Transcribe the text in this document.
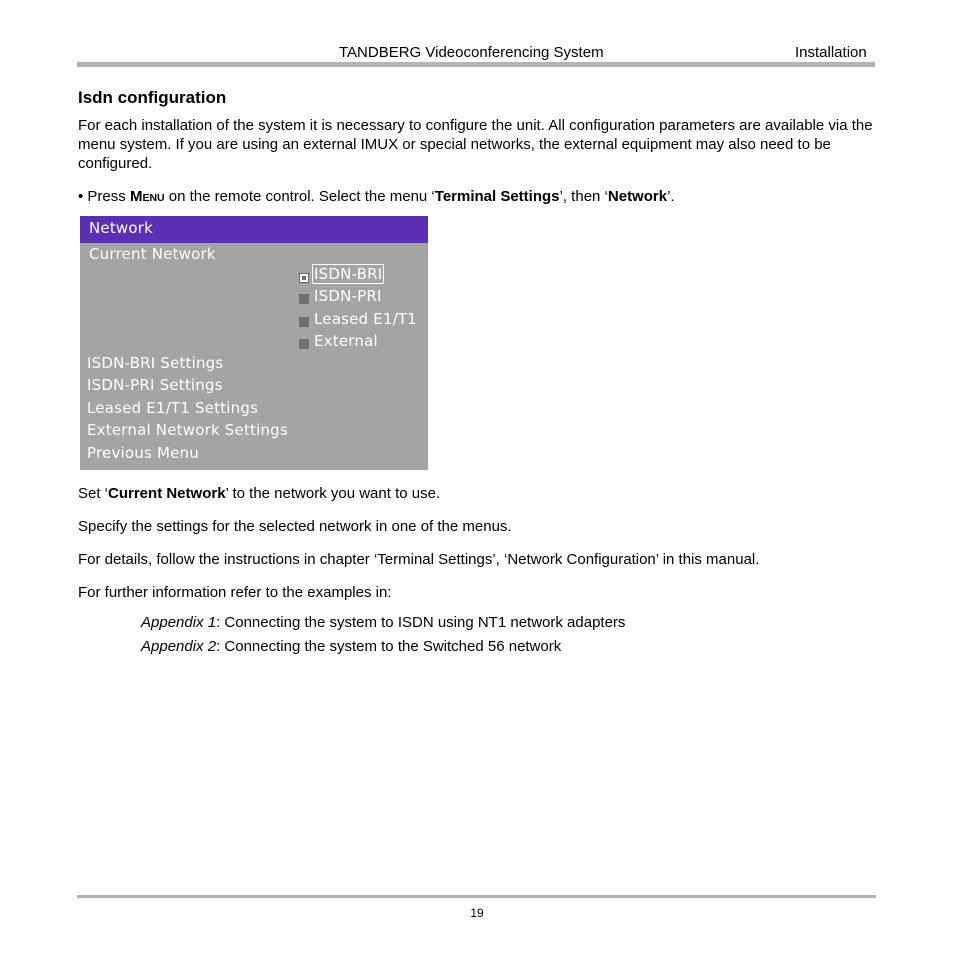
TANDBERG Videoconferencing System	Installation
Isdn configuration
For each installation of the system it is necessary to configure the unit. All configuration parameters are available via the menu system. If you are using an external IMUX or special networks, the external equipment may also need to be configured.
• Press MENU on the remote control. Select the menu ‘Terminal Settings’, then ‘Network’.
Network
Current Network
ISDN-BRI
ISDN-PRI
Leased E1/T1
External
ISDN-BRI Settings
ISDN-PRI Settings
Leased E1/T1 Settings
External Network Settings
Previous Menu
Set ‘Current Network’ to the network you want to use.
Specify the settings for the selected network in one of the menus.
For details, follow the instructions in chapter ‘Terminal Settings’, ‘Network Configuration’ in this manual.
For further information refer to the examples in:
Appendix 1: Connecting the system to ISDN using NT1 network adapters
Appendix 2: Connecting the system to the Switched 56 network
19
